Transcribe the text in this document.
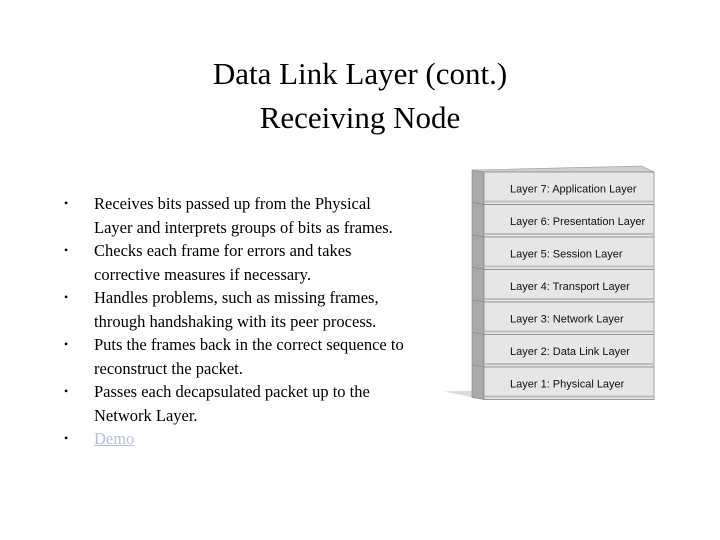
Data Link Layer (cont.)
Receiving Node
• Receives bits passed up from the Physical
Layer and interprets groups of bits as frames.
• Checks each frame for errors and takes
corrective measures if necessary.
• Handles problems, such as missing frames,
through handshaking with its peer process.
• Puts the frames back in the correct sequence to
reconstruct the packet.
• Passes each decapsulated packet up to the
Network Layer.
• Demo
Layer 7: Application Layer
Layer 6: Presentation Layer
Layer 5: Session Layer
Layer 4: Transport Layer
Layer 3: Network Layer
Layer 2: Data Link Layer
Layer 1: Physical Layer
